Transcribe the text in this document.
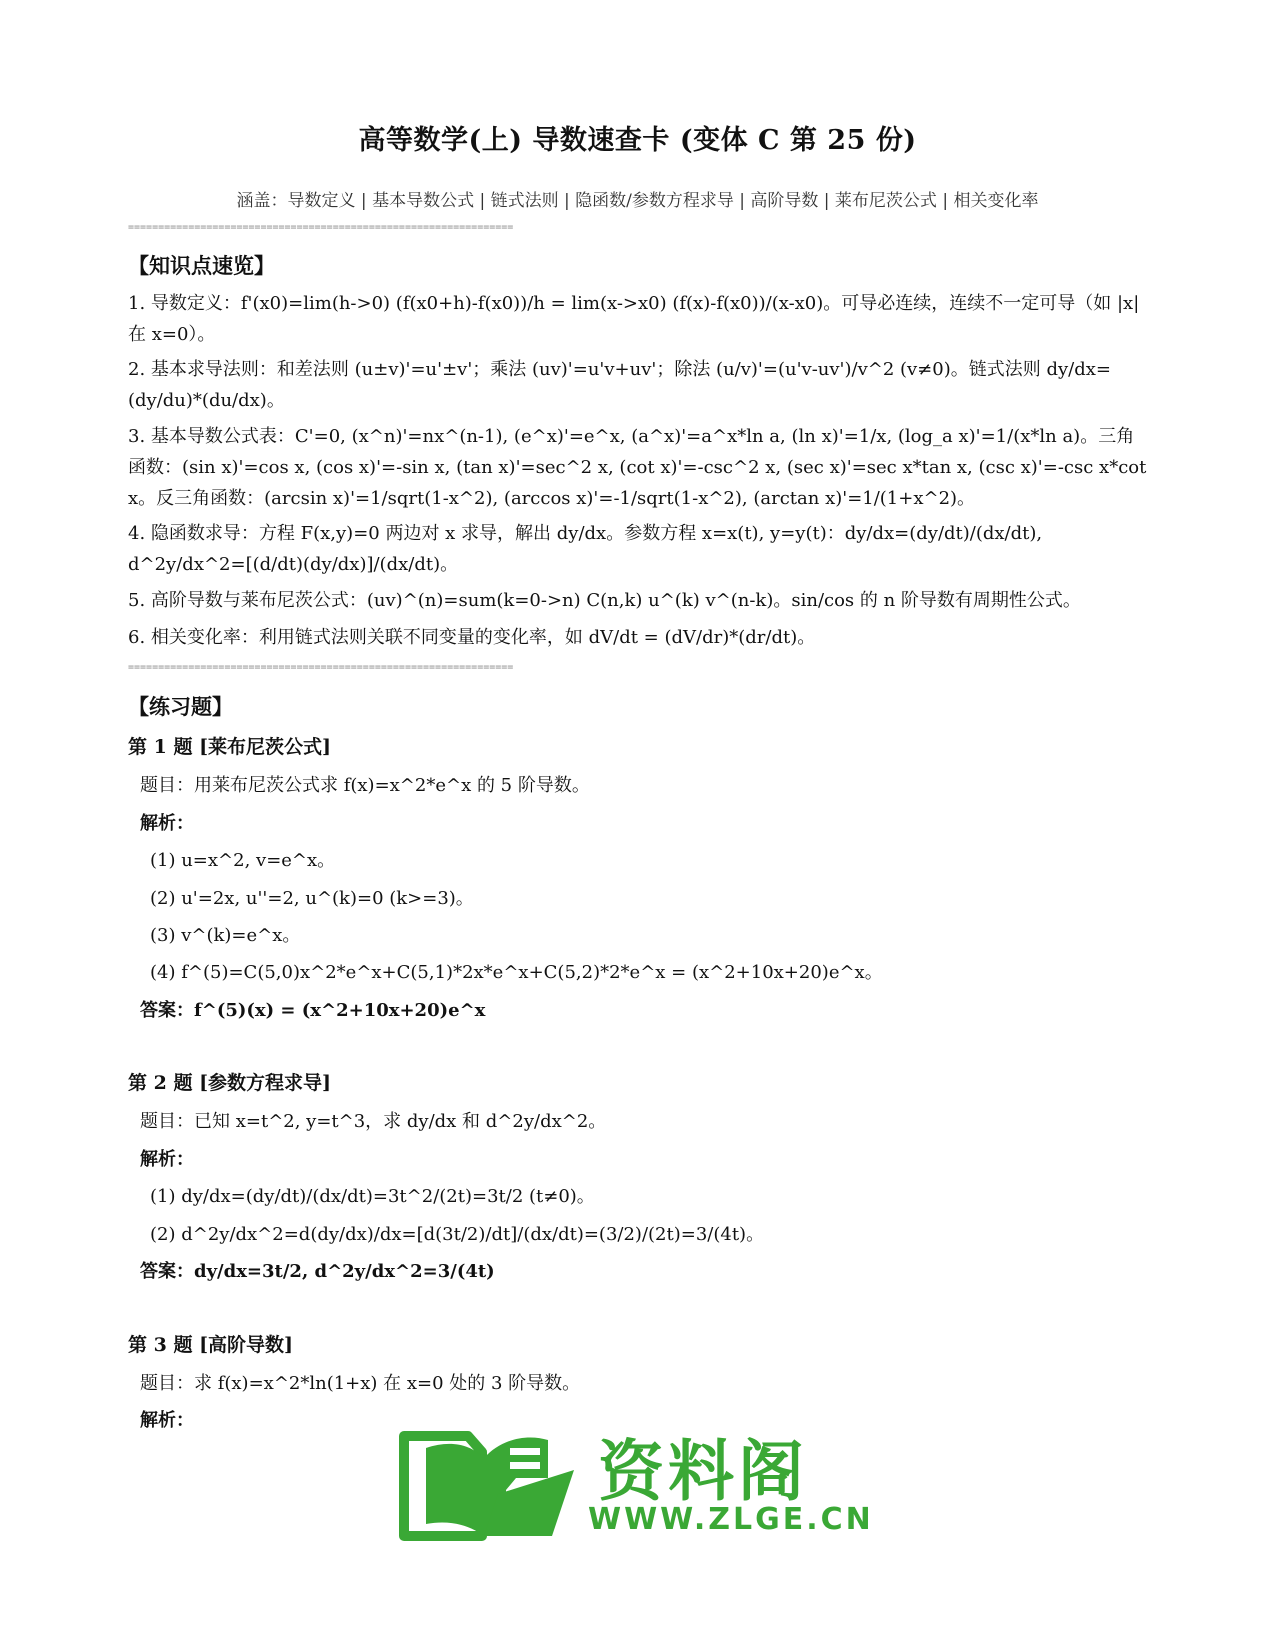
高等数学(上) 导数速查卡 (变体 C 第 25 份)
涵盖：导数定义 | 基本导数公式 | 链式法则 | 隐函数/参数方程求导 | 高阶导数 | 莱布尼茨公式 | 相关变化率
================================================================
【知识点速览】
1. 导数定义：f'(x0)=lim(h->0) (f(x0+h)-f(x0))/h = lim(x->x0) (f(x)-f(x0))/(x-x0)。可导必连续，连续不一定可导（如 |x|在 x=0）。
2. 基本求导法则：和差法则 (u±v)'=u'±v'；乘法 (uv)'=u'v+uv'；除法 (u/v)'=(u'v-uv')/v^2 (v≠0)。链式法则 dy/dx=(dy/du)*(du/dx)。
3. 基本导数公式表：C'=0, (x^n)'=nx^(n-1), (e^x)'=e^x, (a^x)'=a^x*ln a, (ln x)'=1/x, (log_a x)'=1/(x*ln a)。三角函数：(sin x)'=cos x, (cos x)'=-sin x, (tan x)'=sec^2 x, (cot x)'=-csc^2 x, (sec x)'=sec x*tan x, (csc x)'=-csc x*cot x。反三角函数：(arcsin x)'=1/sqrt(1-x^2), (arccos x)'=-1/sqrt(1-x^2), (arctan x)'=1/(1+x^2)。
4. 隐函数求导：方程 F(x,y)=0 两边对 x 求导，解出 dy/dx。参数方程 x=x(t), y=y(t)：dy/dx=(dy/dt)/(dx/dt), d^2y/dx^2=[(d/dt)(dy/dx)]/(dx/dt)。
5. 高阶导数与莱布尼茨公式：(uv)^(n)=sum(k=0->n) C(n,k) u^(k) v^(n-k)。sin/cos 的 n 阶导数有周期性公式。
6. 相关变化率：利用链式法则关联不同变量的变化率，如 dV/dt = (dV/dr)*(dr/dt)。
================================================================
【练习题】
第 1 题 [莱布尼茨公式]
题目：用莱布尼茨公式求 f(x)=x^2*e^x 的 5 阶导数。
解析：
(1) u=x^2, v=e^x。
(2) u'=2x, u''=2, u^(k)=0 (k>=3)。
(3) v^(k)=e^x。
(4) f^(5)=C(5,0)x^2*e^x+C(5,1)*2x*e^x+C(5,2)*2*e^x = (x^2+10x+20)e^x。
答案：f^(5)(x) = (x^2+10x+20)e^x
第 2 题 [参数方程求导]
题目：已知 x=t^2, y=t^3，求 dy/dx 和 d^2y/dx^2。
解析：
(1) dy/dx=(dy/dt)/(dx/dt)=3t^2/(2t)=3t/2 (t≠0)。
(2) d^2y/dx^2=d(dy/dx)/dx=[d(3t/2)/dt]/(dx/dt)=(3/2)/(2t)=3/(4t)。
答案：dy/dx=3t/2, d^2y/dx^2=3/(4t)
第 3 题 [高阶导数]
题目：求 f(x)=x^2*ln(1+x) 在 x=0 处的 3 阶导数。
解析：
资料阁
WWW.ZLGE.CN
